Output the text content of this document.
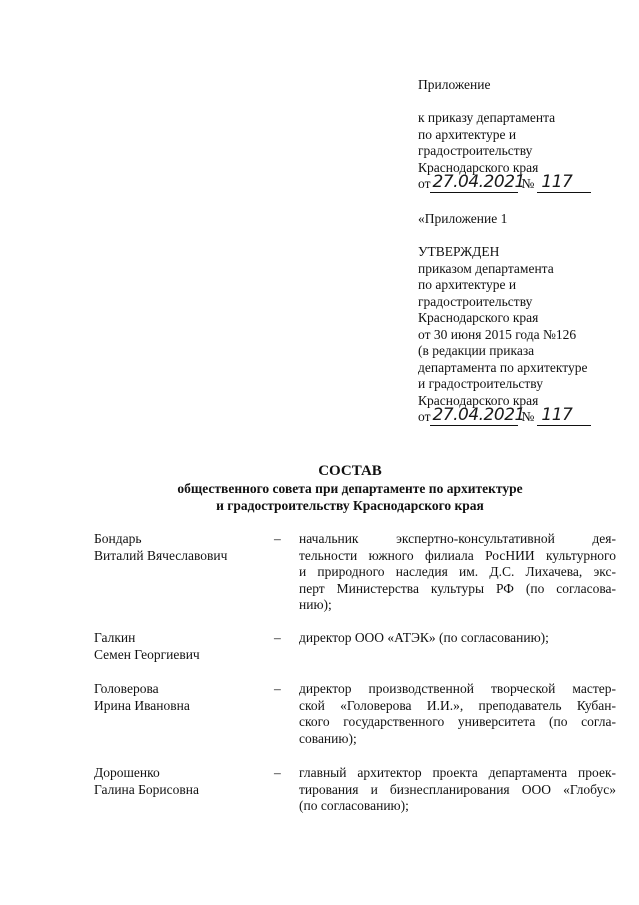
Приложение
к приказу департамента
по архитектуре и
градостроительству
Краснодарского края
от 27.04.2021
№ 117
«Приложение 1
УТВЕРЖДЕН
приказом департамента
по архитектуре и
градостроительству
Краснодарского края
от 30 июня 2015 года №126
(в редакции приказа
департамента по архитектуре
и градостроительству
Краснодарского края
от 27.04.2021
№ 117
СОСТАВ
общественного совета при департаменте по архитектуре
и градостроительству Краснодарского края
Бондарь
Виталий Вячеславович
– начальник экспертно-консультативной дея-
тельности южного филиала РосНИИ культурного
и природного наследия им. Д.С. Лихачева, экс-
перт Министерства культуры РФ (по согласова-
нию);
Галкин
Семен Георгиевич
– директор ООО «АТЭК» (по согласованию);
Головерова
Ирина Ивановна
– директор производственной творческой мастер-
ской «Головерова И.И.», преподаватель Кубан-
ского государственного университета (по согла-
сованию);
Дорошенко
Галина Борисовна
– главный архитектор проекта департамента проек-
тирования и бизнеспланирования ООО «Глобус»
(по согласованию);
